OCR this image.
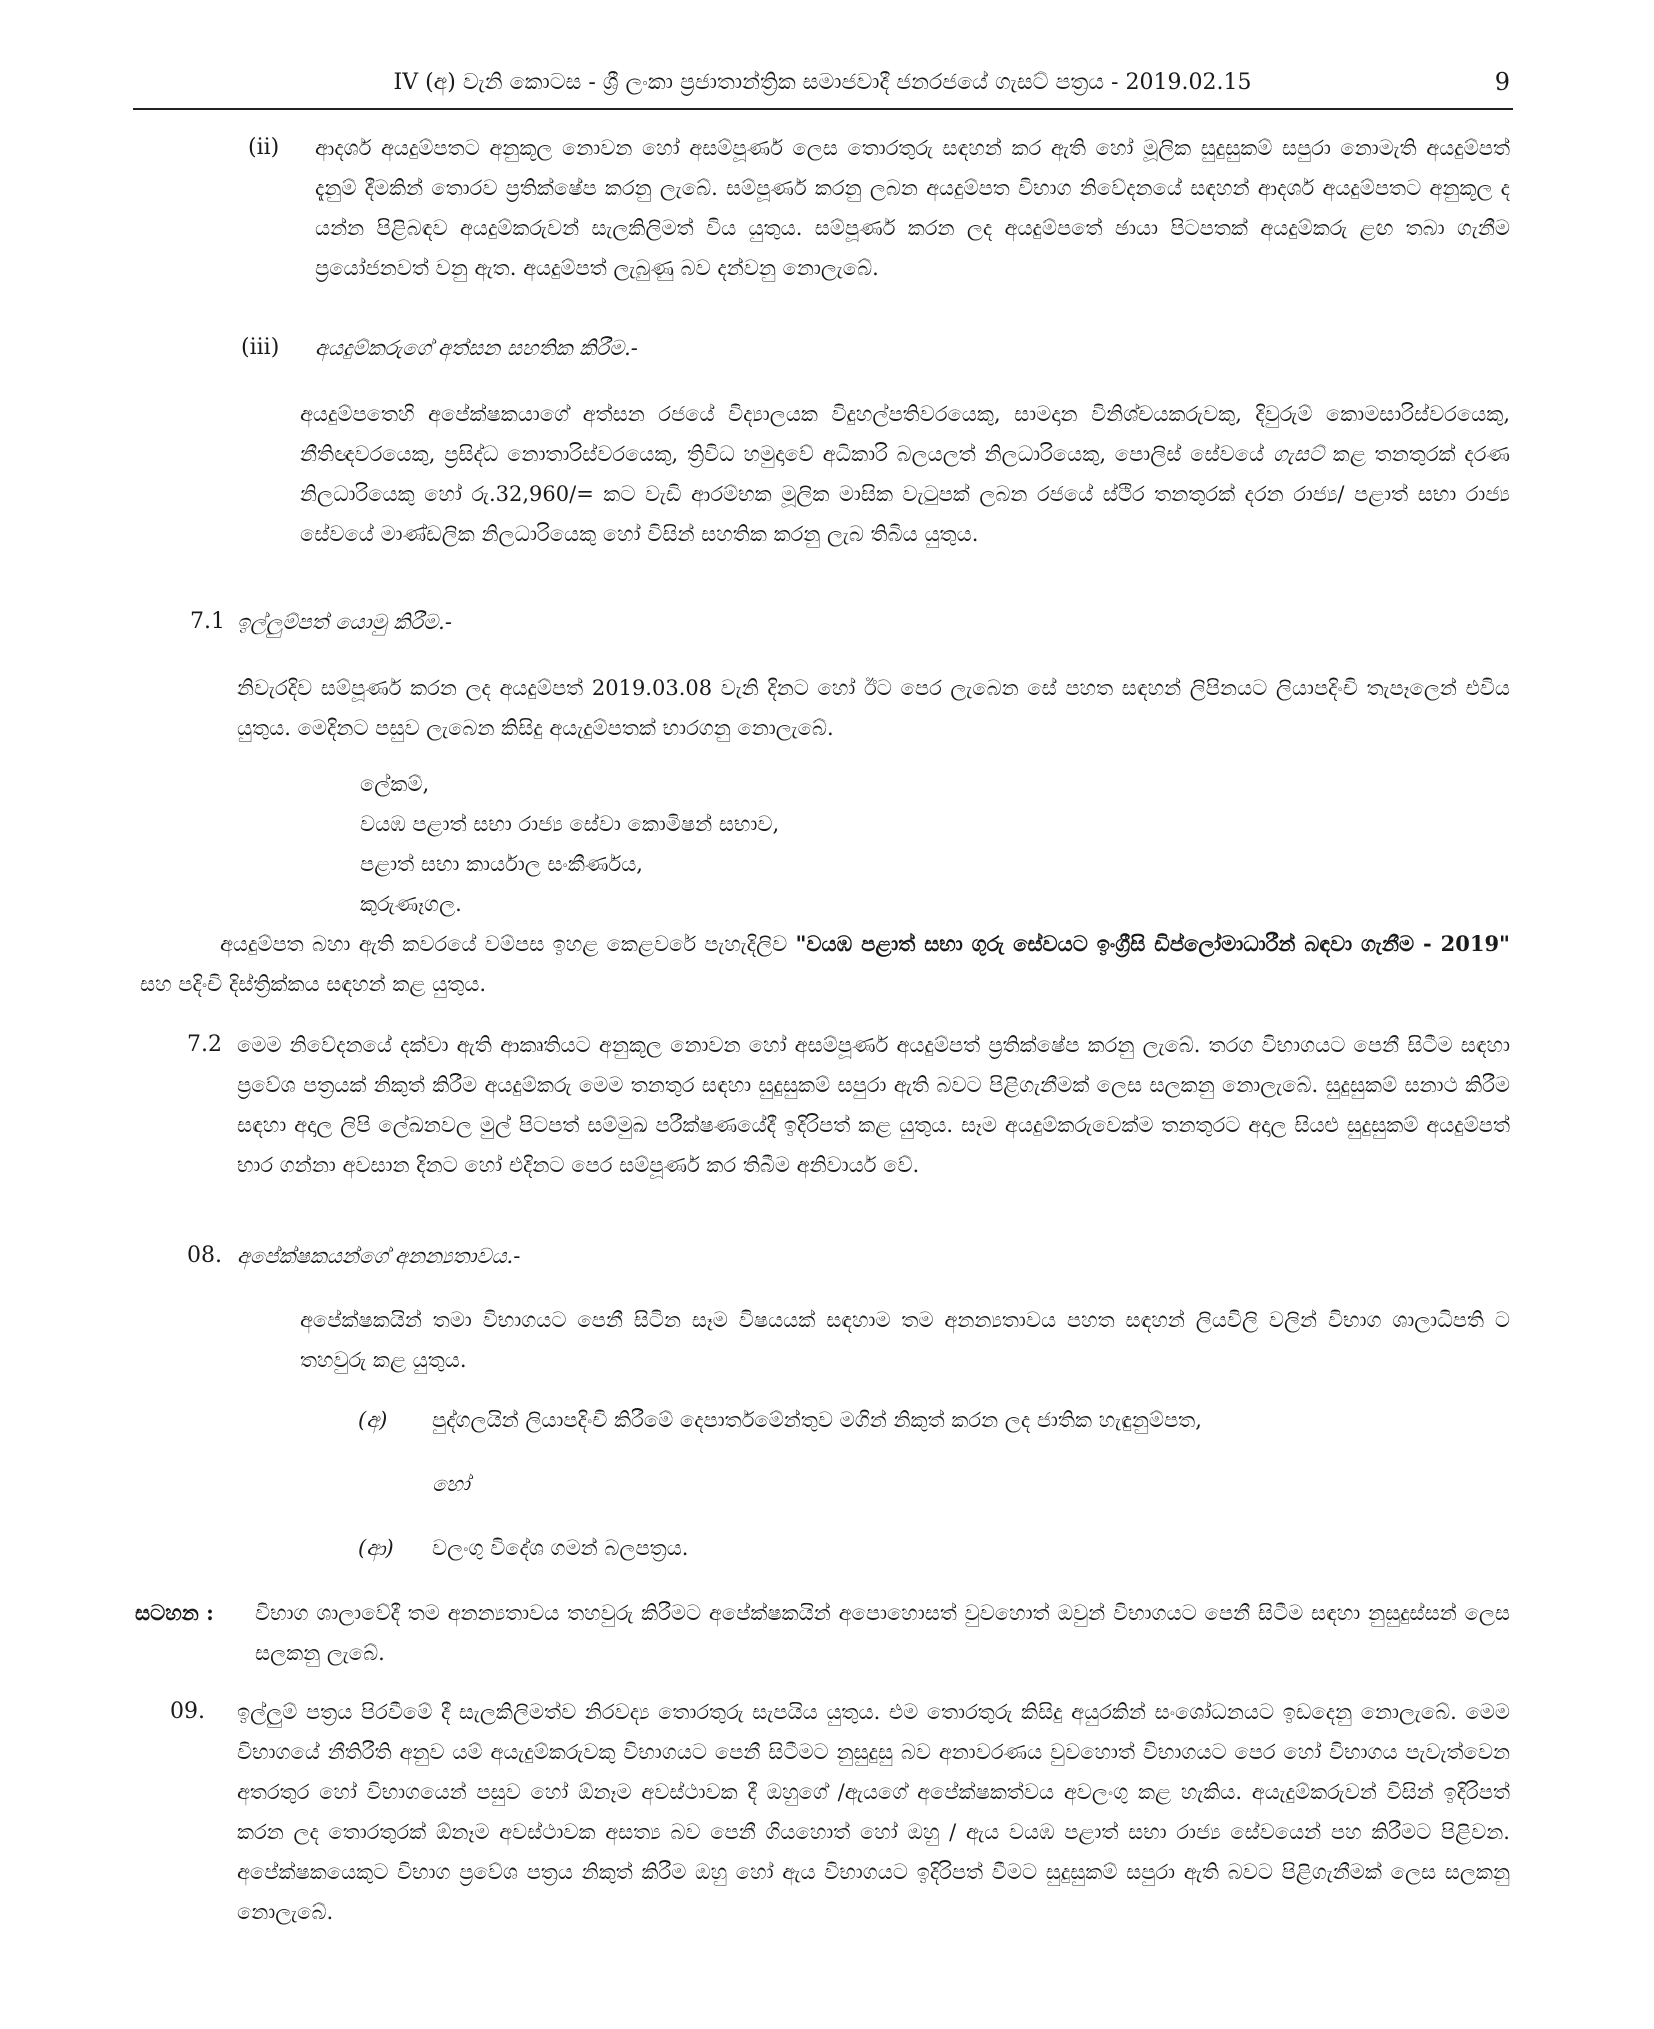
IV (අ) වැනි කොටස - ශ්‍රී ලංකා ප්‍රජාතාන්ත්‍රික සමාජවාදී ජනරජයේ ගැසට් පත්‍රය - 2019.02.15	9
(ii) ආදර්ශ අයදුම්පතට අනුකූල නොවන හෝ අසම්පූර්ණ ලෙස තොරතුරු සඳහන් කර ඇති හෝ මූලික සුදුසුකම් සපුරා නොමැති අයදුම්පත් දැනුම් දීමකින් තොරව ප්‍රතික්ෂේප කරනු ලැබේ. සම්පූර්ණ කරනු ලබන අයදුම්පත විභාග නිවේදනයේ සඳහන් ආදර්ශ අයදුම්පතට අනුකූල ද යන්න පිළිබඳව අයදුම්කරුවන් සැලකිලිමත් විය යුතුය. සම්පූර්ණ කරන ලද අයදුම්පතේ ඡායා පිටපතක් අයදුම්කරු ළඟ තබා ගැනීම ප්‍රයෝජනවත් වනු ඇත. අයදුම්පත් ලැබුණු බව දන්වනු නොලැබේ.
(iii) අයදුම්කරුගේ අත්සන සහතික කිරීම.-
අයදුම්පතෙහි අපේක්ෂකයාගේ අත්සන රජයේ විද්‍යාලයක විදුහල්පතිවරයෙකු, සාමදාන විනිශ්චයකරුවකු, දිවුරුම් කොමසාරිස්වරයෙකු, නීතිඥවරයෙකු, ප්‍රසිද්ධ නොතාරිස්වරයෙකු, ත්‍රිවිධ හමුදාවේ අධිකාරි බලයලත් නිලධාරියෙකු, පොලිස් සේවයේ ගැසට් කළ තනතුරක් දරණ නිලධාරියෙකු හෝ රු.32,960/= කට වැඩි ආරම්භක මූලික මාසික වැටුපක් ලබන රජයේ ස්ථිර තනතුරක් දරන රාජ්‍ය/ පළාත් සභා රාජ්‍ය සේවයේ මාණ්ඩලික නිලධාරියෙකු හෝ විසින් සහතික කරනු ලැබ තිබිය යුතුය.
7.1 ඉල්ලුම්පත් යොමු කිරීම.-
නිවැරදිව සම්පූර්ණ කරන ලද අයදුම්පත් 2019.03.08 වැනි දිනට හෝ ඊට පෙර ලැබෙන සේ පහත සඳහන් ලිපිනයට ලියාපදිංචි තැපෑලෙන් එවිය යුතුය. මෙදිනට පසුව ලැබෙන කිසිදු අයැදුම්පතක් භාරගනු නොලැබේ.
ලේකම්,
වයඹ පළාත් සභා රාජ්‍ය සේවා කොමිෂන් සභාව,
පළාත් සභා කාර්යාල සංකීර්ණය,
කුරුණෑගල.
අයදුම්පත බහා ඇති කවරයේ වම්පස ඉහළ කෙළවරේ පැහැදිලිව "වයඹ පළාත් සභා ගුරු සේවයට ඉංග්‍රීසි ඩිප්ලෝමාධාරීන් බඳවා ගැනීම - 2019" සහ පදිංචි දිස්ත්‍රික්කය සඳහන් කළ යුතුය.
7.2 මෙම නිවේදනයේ දක්වා ඇති ආකෘතියට අනුකූල නොවන හෝ අසම්පූර්ණ අයදුම්පත් ප්‍රතික්ෂේප කරනු ලැබේ. තරග විභාගයට පෙනී සිටීම සඳහා ප්‍රවේශ පත්‍රයක් නිකුත් කිරීම අයදුම්කරු මෙම තනතුර සඳහා සුදුසුකම් සපුරා ඇති බවට පිළිගැනීමක් ලෙස සලකනු නොලැබේ. සුදුසුකම් සනාථ කිරීම සඳහා අදාල ලිපි ලේඛනවල මුල් පිටපත් සම්මුඛ පරීක්ෂණයේදී ඉදිරිපත් කළ යුතුය. සෑම අයදුම්කරුවෙක්ම තනතුරට අදාල සියළු සුදුසුකම් අයදුම්පත් භාර ගන්නා අවසාන දිනට හෝ එදිනට පෙර සම්පූර්ණ කර තිබීම අනිවාර්ය වේ.
08. අපේක්ෂකයන්ගේ අනන්‍යතාවය.-
අපේක්ෂකයින් තමා විභාගයට පෙනී සිටින සෑම විෂයයක් සඳහාම තම අනන්‍යතාවය පහත සඳහන් ලියවිලි වලින් විභාග ශාලාධිපති ට තහවුරු කළ යුතුය.
(අ) පුද්ගලයින් ලියාපදිංචි කිරීමේ දෙපාර්තමේන්තුව මගින් නිකුත් කරන ලද ජාතික හැඳුනුම්පත,
හෝ
(ආ) වලංගු විදේශ ගමන් බලපත්‍රය.
සටහන : විභාග ශාලාවේදී තම අනන්‍යතාවය තහවුරු කිරීමට අපේක්ෂකයින් අපොහොසත් වුවහොත් ඔවුන් විභාගයට පෙනී සිටීම සඳහා නුසුදුස්සන් ලෙස සලකනු ලැබේ.
09. ඉල්ලුම් පත්‍රය පිරවීමේ දී සැලකිලිමත්ව නිරවද්‍ය තොරතුරු සැපයිය යුතුය. එම තොරතුරු කිසිදු අයුරකින් සංශෝධනයට ඉඩදෙනු නොලැබේ. මෙම විභාගයේ නීතිරීති අනුව යම් අයැදුම්කරුවකු විභාගයට පෙනී සිටීමට නුසුදුසු බව අනාවරණය වුවහොත් විභාගයට පෙර හෝ විභාගය පැවැත්වෙන අතරතුර හෝ විභාගයෙන් පසුව හෝ ඕනෑම අවස්ථාවක දී ඔහුගේ /ඇයගේ අපේක්ෂකත්වය අවලංගු කළ හැකිය. අයැදුම්කරුවන් විසින් ඉදිරිපත් කරන ලද තොරතුරක් ඕනෑම අවස්ථාවක අසත්‍ය බව පෙනී ගියහොත් හෝ ඔහු / ඇය වයඹ පළාත් සභා රාජ්‍ය සේවයෙන් පහ කිරීමට පිළිවන. අපේක්ෂකයෙකුට විභාග ප්‍රවේශ පත්‍රය නිකුත් කිරීම ඔහු හෝ ඇය විභාගයට ඉදිරිපත් වීමට සුදුසුකම් සපුරා ඇති බවට පිළිගැනීමක් ලෙස සලකනු නොලැබේ.
